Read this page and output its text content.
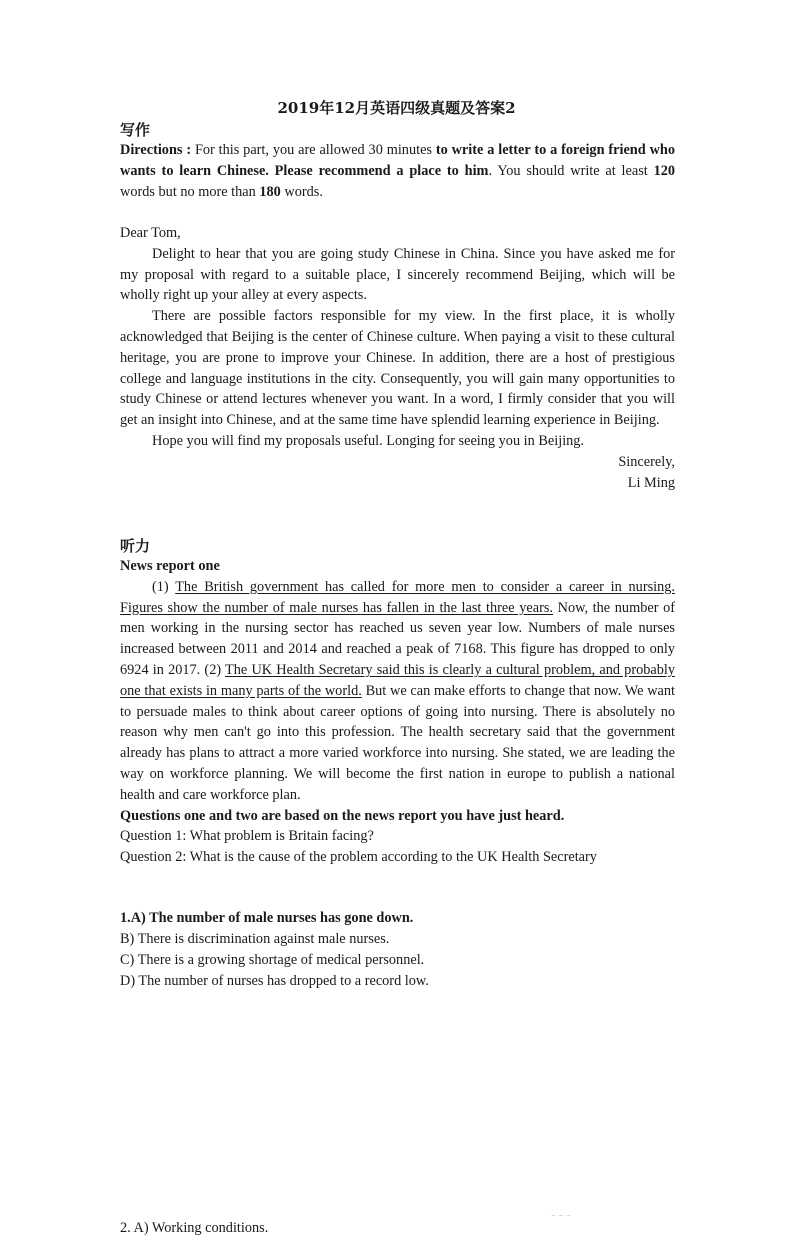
2019年12月英语四级真题及答案2
写作

Directions : For this part, you are allowed 30 minutes to write a letter to a foreign friend who wants to learn Chinese. Please recommend a place to him. You should write at least 120 words but no more than 180 words.

Dear Tom,

Delight to hear that you are going study Chinese in China. Since you have asked me for my proposal with regard to a suitable place, I sincerely recommend Beijing, which will be wholly right up your alley at every aspects.

There are possible factors responsible for my view. In the first place, it is wholly acknowledged that Beijing is the center of Chinese culture. When paying a visit to these cultural heritage, you are prone to improve your Chinese. In addition, there are a host of prestigious college and language institutions in the city. Consequently, you will gain many opportunities to study Chinese or attend lectures whenever you want. In a word, I firmly consider that you will get an insight into Chinese, and at the same time have splendid learning experience in Beijing.

Hope you will find my proposals useful. Longing for seeing you in Beijing.

Sincerely,

Li Ming

听力

News report one

(1) The British government has called for more men to consider a career in nursing. Figures show the number of male nurses has fallen in the last three years. Now, the number of men working in the nursing sector has reached us seven year low. Numbers of male nurses increased between 2011 and 2014 and reached a peak of 7168. This figure has dropped to only 6924 in 2017. (2) The UK Health Secretary said this is clearly a cultural problem, and probably one that exists in many parts of the world. But we can make efforts to change that now. We want to persuade males to think about career options of going into nursing. There is absolutely no reason why men can't go into this profession. The health secretary said that the government already has plans to attract a more varied workforce into nursing. She stated, we are leading the way on workforce planning. We will become the first nation in europe to publish a national health and care workforce plan.

Questions one and two are based on the news report you have just heard.

Question 1: What problem is Britain facing?

Question 2: What is the cause of the problem according to the UK Health Secretary

1.A) The number of male nurses has gone down.
B) There is discrimination against male nurses.
C) There is a growing shortage of medical personnel.
D) The number of nurses has dropped to a record low.
2. A) Working conditions.
⁻ ⁻ ⁻
